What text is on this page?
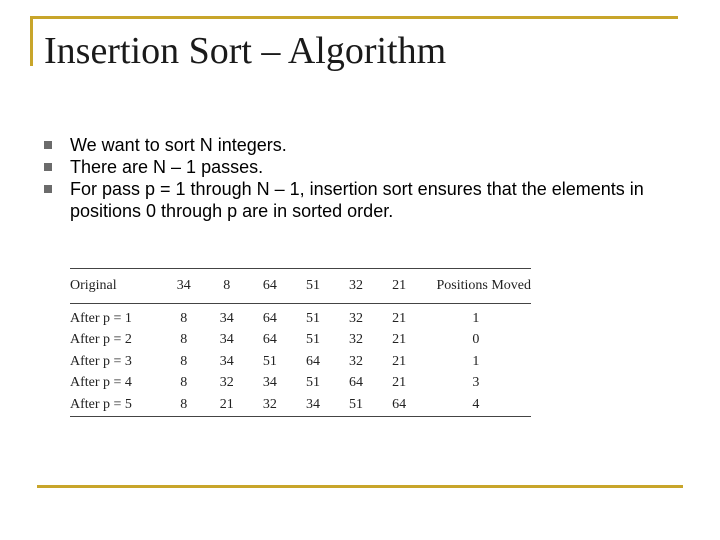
Insertion Sort – Algorithm
We want to sort N integers.
There are N – 1 passes.
For pass p = 1 through N – 1, insertion sort ensures that the elements in positions 0 through p are in sorted order.
Original	34	8	64	51	32	21	Positions Moved
After p = 1	8	34	64	51	32	21	1
After p = 2	8	34	64	51	32	21	0
After p = 3	8	34	51	64	32	21	1
After p = 4	8	32	34	51	64	21	3
After p = 5	8	21	32	34	51	64	4
